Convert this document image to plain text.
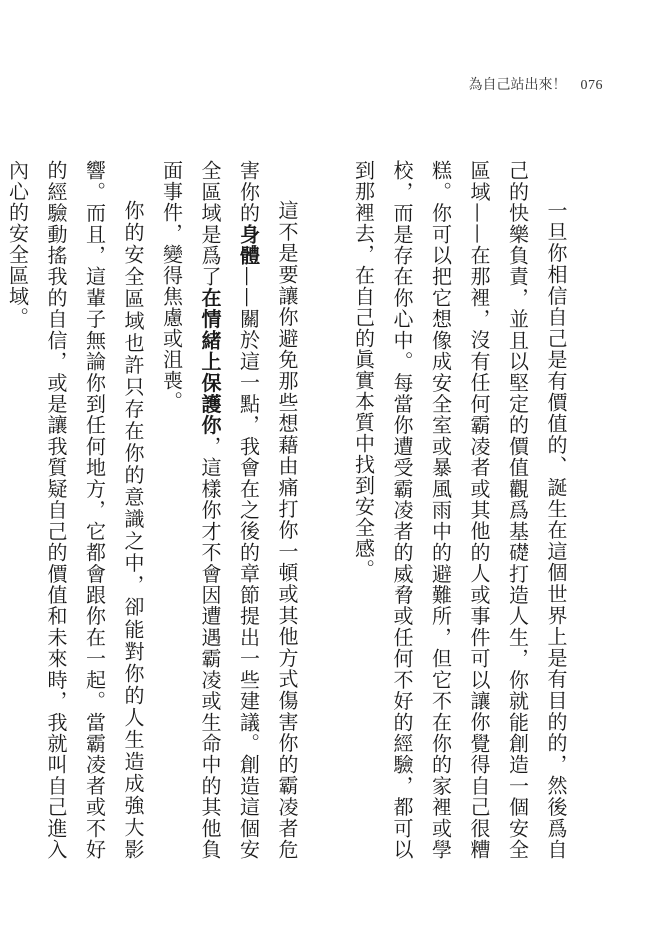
為自己站出來！ 076

一旦你相信自己是有價值的、誕生在這個世界上是有目的的，然後爲自己的快樂負責，並且以堅定的價值觀爲基礎打造人生，你就能創造一個安全區域——在那裡，沒有任何霸凌者或其他的人或事件可以讓你覺得自己很糟糕。你可以把它想像成安全室或暴風雨中的避難所，但它不在你的家裡或學校，而是存在你心中。每當你遭受霸凌者的威脅或任何不好的經驗，都可以到那裡去，在自己的眞實本質中找到安全感。

這不是要讓你避免那些想藉由痛打你一頓或其他方式傷害你的霸凌者危害你的身體——關於這一點，我會在之後的章節提出一些建議。創造這個安全區域是爲了在情緒上保護你，這樣你才不會因遭遇霸凌或生命中的其他負面事件，變得焦慮或沮喪。

你的安全區域也許只存在你的意識之中，卻能對你的人生造成強大影響。而且，這輩子無論你到任何地方，它都會跟你在一起。當霸凌者或不好的經驗動搖我的自信，或是讓我質疑自己的價值和未來時，我就叫自己進入內心的安全區域。
